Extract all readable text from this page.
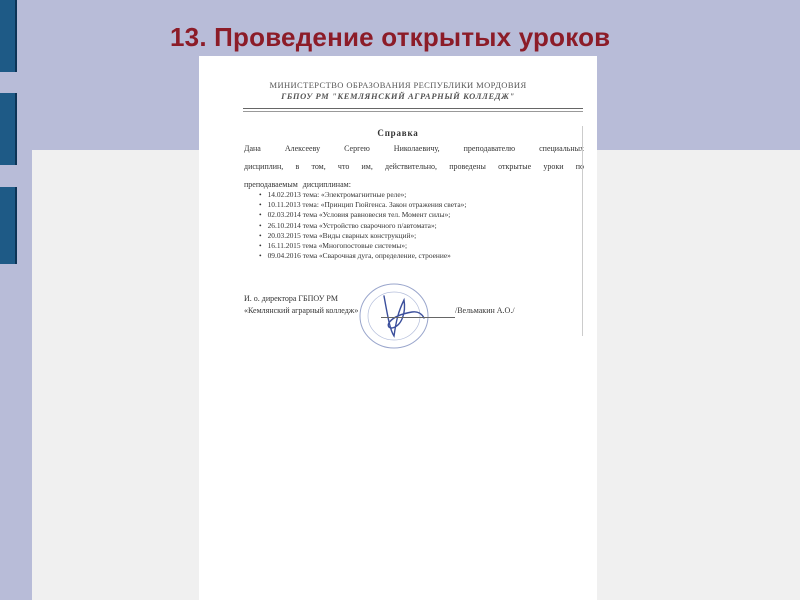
13. Проведение открытых уроков
МИНИСТЕРСТВО ОБРАЗОВАНИЯ РЕСПУБЛИКИ МОРДОВИЯ
ГБПОУ РМ "КЕМЛЯНСКИЙ АГРАРНЫЙ КОЛЛЕДЖ"
Справка
Дана Алексееву Сергею Николаевичу, преподавателю специальных
дисциплин, в том, что им, действительно, проведены открытые уроки по
преподаваемым дисциплинам:
• 14.02.2013 тема: «Электромагнитные реле»;
• 10.11.2013 тема: «Принцип Гюйгенса. Закон отражения света»;
• 02.03.2014 тема «Условия равновесия тел. Момент силы»;
• 26.10.2014 тема «Устройство сварочного п/автомата»;
• 20.03.2015 тема «Виды сварных конструкций»;
• 16.11.2015 тема «Многопостовые системы»;
• 09.04.2016 тема «Сварочная дуга, определение, строение»
И. о. директора ГБПОУ РМ
«Кемлянский аграрный колледж»	/Вельмакин А.О./
